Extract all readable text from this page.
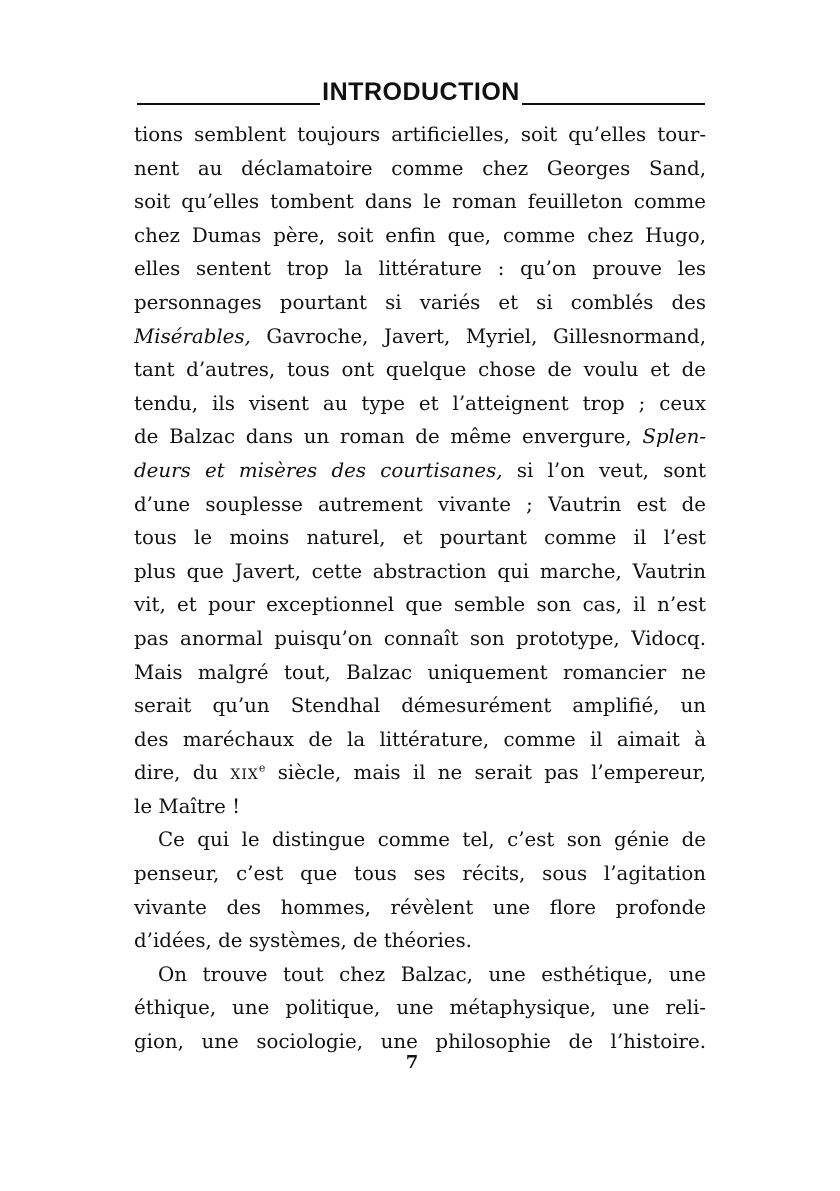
INTRODUCTION
tions semblent toujours artificielles, soit qu’elles tour-
nent au déclamatoire comme chez Georges Sand,
soit qu’elles tombent dans le roman feuilleton comme
chez Dumas père, soit enfin que, comme chez Hugo,
elles sentent trop la littérature : qu’on prouve les
personnages pourtant si variés et si comblés des
Misérables, Gavroche, Javert, Myriel, Gillesnormand,
tant d’autres, tous ont quelque chose de voulu et de
tendu, ils visent au type et l’atteignent trop ; ceux
de Balzac dans un roman de même envergure, Splen-
deurs et misères des courtisanes, si l’on veut, sont
d’une souplesse autrement vivante ; Vautrin est de
tous le moins naturel, et pourtant comme il l’est
plus que Javert, cette abstraction qui marche, Vautrin
vit, et pour exceptionnel que semble son cas, il n’est
pas anormal puisqu’on connaît son prototype, Vidocq.
Mais malgré tout, Balzac uniquement romancier ne
serait qu’un Stendhal démesurément amplifié, un
des maréchaux de la littérature, comme il aimait à
dire, du xix$^e$ siècle, mais il ne serait pas l’empereur,
le Maître !
Ce qui le distingue comme tel, c’est son génie de
penseur, c’est que tous ses récits, sous l’agitation
vivante des hommes, révèlent une flore profonde
d’idées, de systèmes, de théories.
On trouve tout chez Balzac, une esthétique, une
éthique, une politique, une métaphysique, une reli-
gion, une sociologie, une philosophie de l’histoire.
7
